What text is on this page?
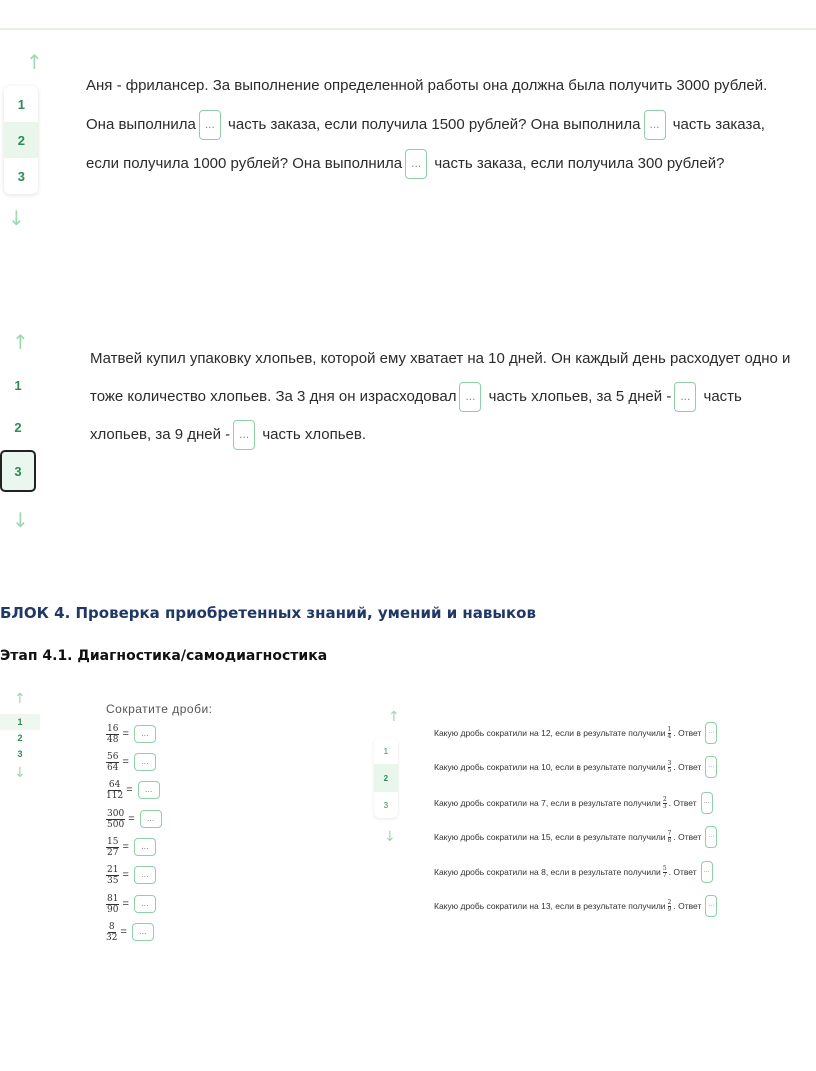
↑
1
2
3
↓

Аня - фрилансер. За выполнение определенной работы она должна была получить 3000 рублей. Она выполнила ... часть заказа, если получила 1500 рублей? Она выполнила ... часть заказа, если получила 1000 рублей? Она выполнила ... часть заказа, если получила 300 рублей?

↑
1
2
3
↓

Матвей купил упаковку хлопьев, которой ему хватает на 10 дней. Он каждый день расходует одно и тоже количество хлопьев. За 3 дня он израсходовал ... часть хлопьев, за 5 дней - ... часть хлопьев, за 9 дней - ... часть хлопьев.

БЛОК 4. Проверка приобретенных знаний, умений и навыков
Этап 4.1. Диагностика/самодиагностика
↑
1
2
3
↓
Сократите дроби:
$\frac{16}{48}$ =	...
$\frac{56}{64}$ =	...
$\frac{64}{112}$ =	...
$\frac{300}{500}$ =	...
$\frac{15}{27}$ =	...
$\frac{21}{35}$ =	...
$\frac{81}{90}$ =	...
$\frac{8}{32}$ =	...
↑
1
2
3
↓
Какую дробь сократили на 12, если в результате получили 1
4 . Ответ	...
Какую дробь сократили на 10, если в результате получили 3
5 . Ответ	...
Какую дробь сократили на 7, если в результате получили 2
3 . Ответ	...
Какую дробь сократили на 15, если в результате получили 7
8 . Ответ	...
Какую дробь сократили на 8, если в результате получили 5
7 . Ответ	...
Какую дробь сократили на 13, если в результате получили 2
9 . Ответ	...
